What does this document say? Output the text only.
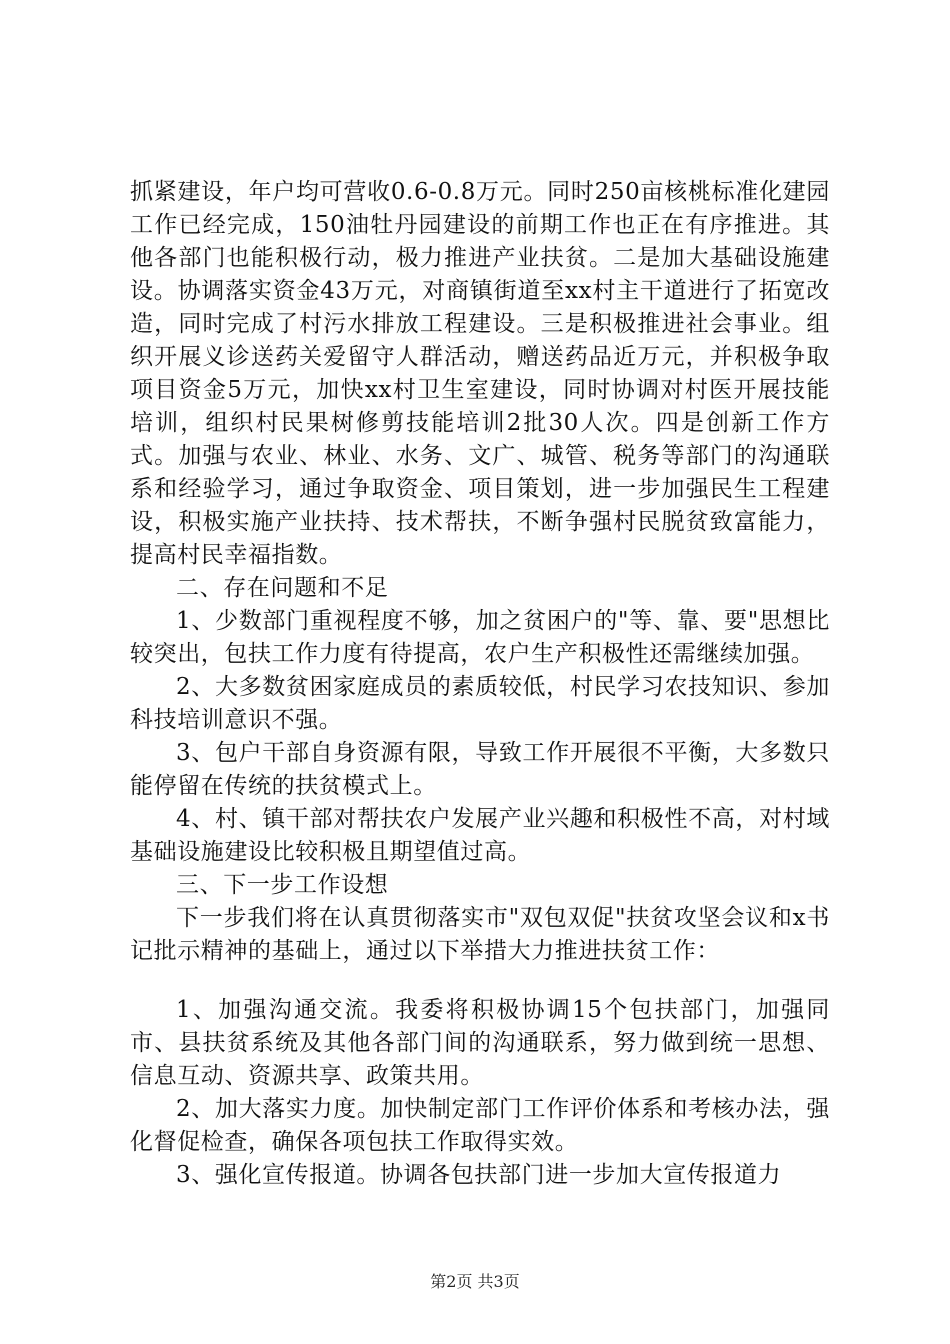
抓紧建设，年户均可营收0.6-0.8万元。同时250亩核桃标准化建园工作已经完成，150油牡丹园建设的前期工作也正在有序推进。其他各部门也能积极行动，极力推进产业扶贫。二是加大基础设施建设。协调落实资金43万元，对商镇街道至xx村主干道进行了拓宽改造，同时完成了村污水排放工程建设。三是积极推进社会事业。组织开展义诊送药关爱留守人群活动，赠送药品近万元，并积极争取项目资金5万元，加快xx村卫生室建设，同时协调对村医开展技能培训，组织村民果树修剪技能培训2批30人次。四是创新工作方式。加强与农业、林业、水务、文广、城管、税务等部门的沟通联系和经验学习，通过争取资金、项目策划，进一步加强民生工程建设，积极实施产业扶持、技术帮扶，不断争强村民脱贫致富能力，提高村民幸福指数。

二、存在问题和不足

1、少数部门重视程度不够，加之贫困户的"等、靠、要"思想比较突出，包扶工作力度有待提高，农户生产积极性还需继续加强。

2、大多数贫困家庭成员的素质较低，村民学习农技知识、参加科技培训意识不强。

3、包户干部自身资源有限，导致工作开展很不平衡，大多数只能停留在传统的扶贫模式上。

4、村、镇干部对帮扶农户发展产业兴趣和积极性不高，对村域基础设施建设比较积极且期望值过高。

三、下一步工作设想

下一步我们将在认真贯彻落实市"双包双促"扶贫攻坚会议和x书记批示精神的基础上，通过以下举措大力推进扶贫工作：

1、加强沟通交流。我委将积极协调15个包扶部门，加强同市、县扶贫系统及其他各部门间的沟通联系，努力做到统一思想、信息互动、资源共享、政策共用。

2、加大落实力度。加快制定部门工作评价体系和考核办法，强化督促检查，确保各项包扶工作取得实效。

3、强化宣传报道。协调各包扶部门进一步加大宣传报道力

第2页 共3页
